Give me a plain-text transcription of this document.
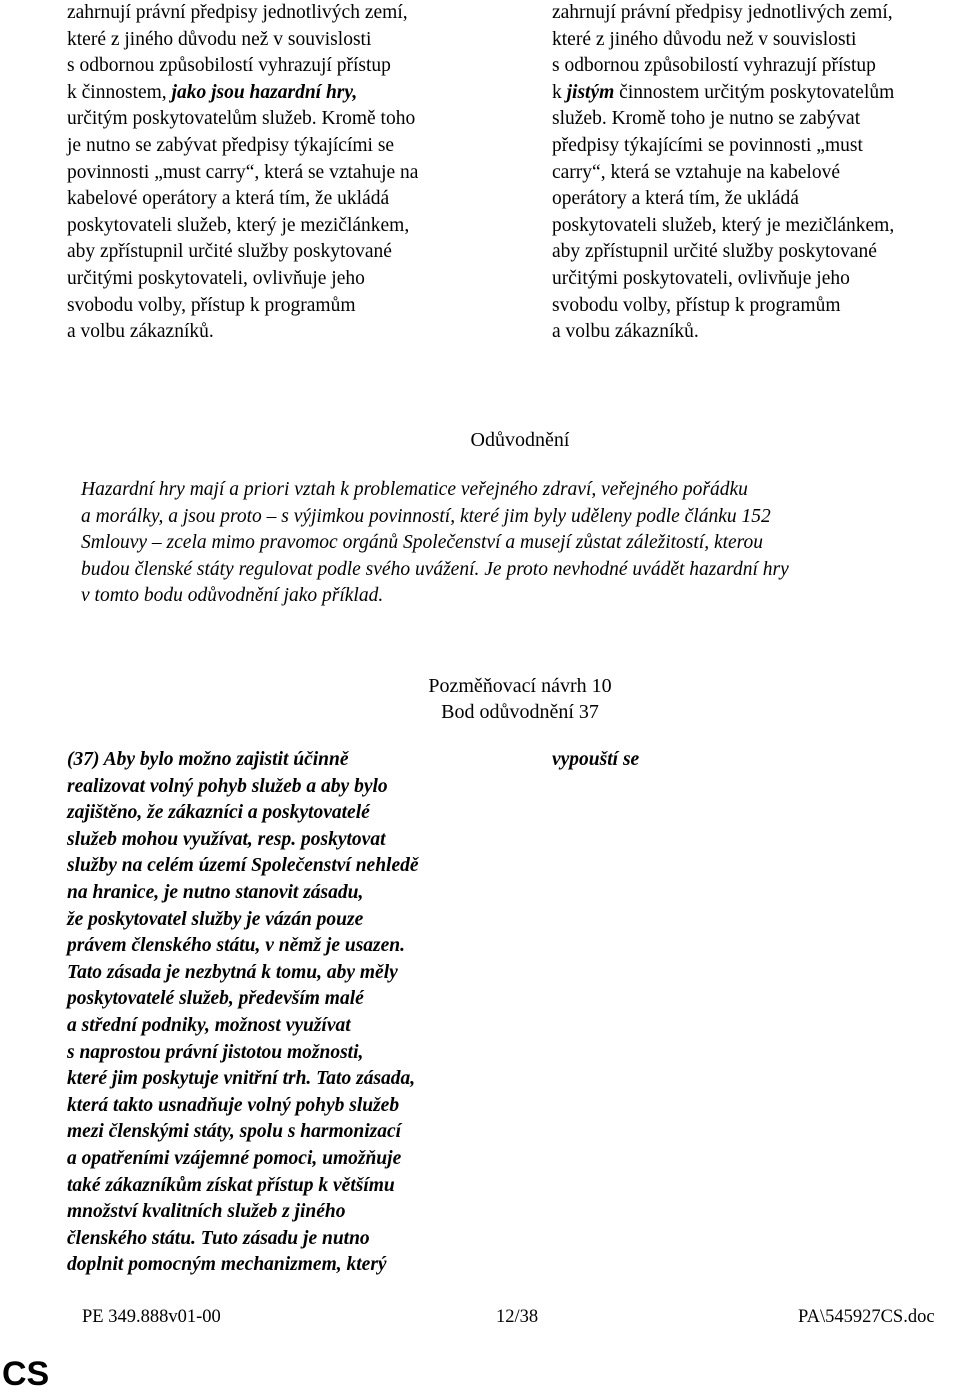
zahrnují právní předpisy jednotlivých zemí,
které z jiného důvodu než v souvislosti
s odbornou způsobilostí vyhrazují přístup
k činnostem, jako jsou hazardní hry,
určitým poskytovatelům služeb. Kromě toho
je nutno se zabývat předpisy týkajícími se
povinnosti „must carry“, která se vztahuje na
kabelové operátory a která tím, že ukládá
poskytovateli služeb, který je mezičlánkem,
aby zpřístupnil určité služby poskytované
určitými poskytovateli, ovlivňuje jeho
svobodu volby, přístup k programům
a volbu zákazníků.
zahrnují právní předpisy jednotlivých zemí,
které z jiného důvodu než v souvislosti
s odbornou způsobilostí vyhrazují přístup
k jistým činnostem určitým poskytovatelům
služeb. Kromě toho je nutno se zabývat
předpisy týkajícími se povinnosti „must
carry“, která se vztahuje na kabelové
operátory a která tím, že ukládá
poskytovateli služeb, který je mezičlánkem,
aby zpřístupnil určité služby poskytované
určitými poskytovateli, ovlivňuje jeho
svobodu volby, přístup k programům
a volbu zákazníků.
Odůvodnění
Hazardní hry mají a priori vztah k problematice veřejného zdraví, veřejného pořádku
a morálky, a jsou proto – s výjimkou povinností, které jim byly uděleny podle článku 152
Smlouvy – zcela mimo pravomoc orgánů Společenství a musejí zůstat záležitostí, kterou
budou členské státy regulovat podle svého uvážení. Je proto nevhodné uvádět hazardní hry
v tomto bodu odůvodnění jako příklad.
Pozměňovací návrh 10
Bod odůvodnění 37
(37) Aby bylo možno zajistit účinně
realizovat volný pohyb služeb a aby bylo
zajištěno, že zákazníci a poskytovatelé
služeb mohou využívat, resp. poskytovat
služby na celém území Společenství nehledě
na hranice, je nutno stanovit zásadu,
že poskytovatel služby je vázán pouze
právem členského státu, v němž je usazen.
Tato zásada je nezbytná k tomu, aby měly
poskytovatelé služeb, především malé
a střední podniky, možnost využívat
s naprostou právní jistotou možnosti,
které jim poskytuje vnitřní trh. Tato zásada,
která takto usnadňuje volný pohyb služeb
mezi členskými státy, spolu s harmonizací
a opatřeními vzájemné pomoci, umožňuje
také zákazníkům získat přístup k většímu
množství kvalitních služeb z jiného
členského státu. Tuto zásadu je nutno
doplnit pomocným mechanizmem, který
vypouští se
PE 349.888v01-00	12/38	PA\545927CS.doc
CS
